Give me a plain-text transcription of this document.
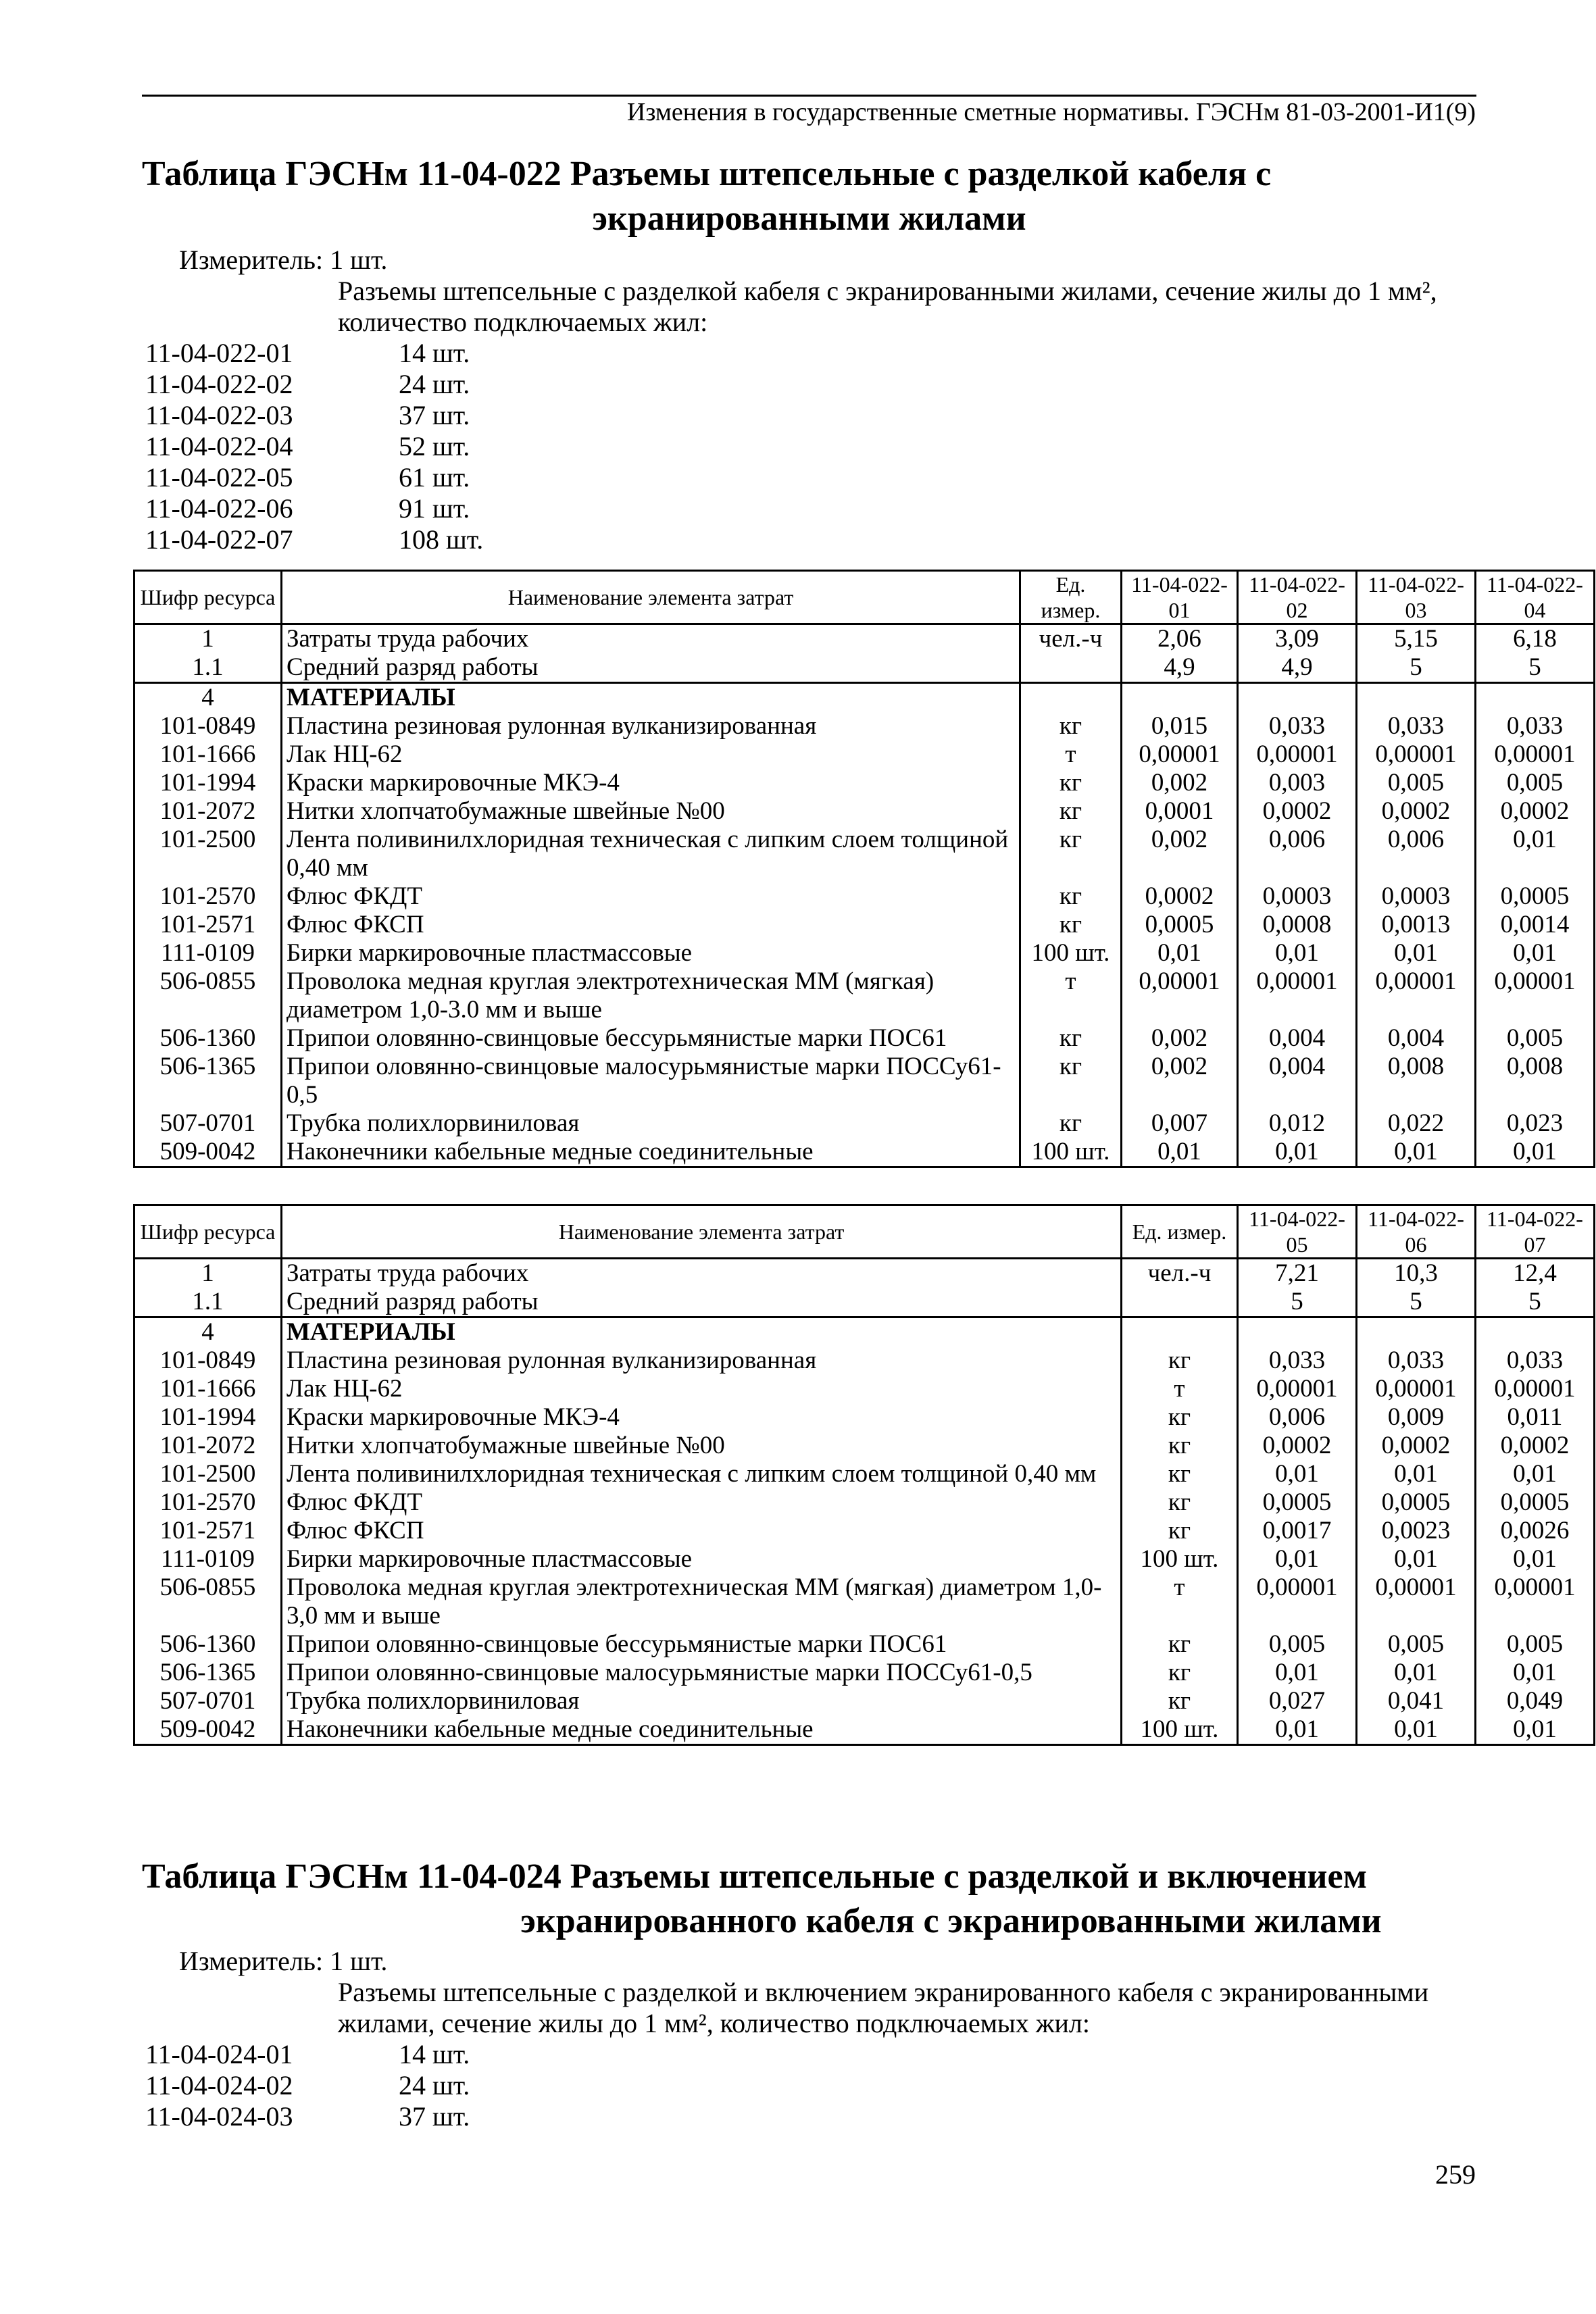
Изменения в государственные сметные нормативы. ГЭСНм 81-03-2001-И1(9)
Таблица ГЭСНм 11-04-022 Разъемы штепсельные с разделкой кабеля с
экранированными жилами
Измеритель: 1 шт.
Разъемы штепсельные с разделкой кабеля с экранированными жилами, сечение жилы до 1 мм², количество подключаемых жил:
11-04-022-01	14 шт.
11-04-022-02	24 шт.
11-04-022-03	37 шт.
11-04-022-04	52 шт.
11-04-022-05	61 шт.
11-04-022-06	91 шт.
11-04-022-07	108 шт.
Шифр ресурса	Наименование элемента затрат	Ед. измер.	11-04-022-01	11-04-022-02	11-04-022-03	11-04-022-04
1	Затраты труда рабочих	чел.-ч	2,06	3,09	5,15	6,18
1.1	Средний разряд работы		4,9	4,9	5	5
4	МАТЕРИАЛЫ					
101-0849	Пластина резиновая рулонная вулканизированная	кг	0,015	0,033	0,033	0,033
101-1666	Лак НЦ-62	т	0,00001	0,00001	0,00001	0,00001
101-1994	Краски маркировочные МКЭ-4	кг	0,002	0,003	0,005	0,005
101-2072	Нитки хлопчатобумажные швейные №00	кг	0,0001	0,0002	0,0002	0,0002
101-2500	Лента поливинилхлоридная техническая с липким слоем толщиной 0,40 мм	кг	0,002	0,006	0,006	0,01
101-2570	Флюс ФКДТ	кг	0,0002	0,0003	0,0003	0,0005
101-2571	Флюс ФКСП	кг	0,0005	0,0008	0,0013	0,0014
111-0109	Бирки маркировочные пластмассовые	100 шт.	0,01	0,01	0,01	0,01
506-0855	Проволока медная круглая электротехническая ММ (мягкая) диаметром 1,0-3.0 мм и выше	т	0,00001	0,00001	0,00001	0,00001
506-1360	Припои оловянно-свинцовые бессурьмянистые марки ПОС61	кг	0,002	0,004	0,004	0,005
506-1365	Припои оловянно-свинцовые малосурьмянистые марки ПОССу61-0,5	кг	0,002	0,004	0,008	0,008
507-0701	Трубка полихлорвиниловая	кг	0,007	0,012	0,022	0,023
509-0042	Наконечники кабельные медные соединительные	100 шт.	0,01	0,01	0,01	0,01
Шифр ресурса	Наименование элемента затрат	Ед. измер.	11-04-022-05	11-04-022-06	11-04-022-07
1	Затраты труда рабочих	чел.-ч	7,21	10,3	12,4
1.1	Средний разряд работы		5	5	5
4	МАТЕРИАЛЫ				
101-0849	Пластина резиновая рулонная вулканизированная	кг	0,033	0,033	0,033
101-1666	Лак НЦ-62	т	0,00001	0,00001	0,00001
101-1994	Краски маркировочные МКЭ-4	кг	0,006	0,009	0,011
101-2072	Нитки хлопчатобумажные швейные №00	кг	0,0002	0,0002	0,0002
101-2500	Лента поливинилхлоридная техническая с липким слоем толщиной 0,40 мм	кг	0,01	0,01	0,01
101-2570	Флюс ФКДТ	кг	0,0005	0,0005	0,0005
101-2571	Флюс ФКСП	кг	0,0017	0,0023	0,0026
111-0109	Бирки маркировочные пластмассовые	100 шт.	0,01	0,01	0,01
506-0855	Проволока медная круглая электротехническая ММ (мягкая) диаметром 1,0-3,0 мм и выше	т	0,00001	0,00001	0,00001
506-1360	Припои оловянно-свинцовые бессурьмянистые марки ПОС61	кг	0,005	0,005	0,005
506-1365	Припои оловянно-свинцовые малосурьмянистые марки ПОССу61-0,5	кг	0,01	0,01	0,01
507-0701	Трубка полихлорвиниловая	кг	0,027	0,041	0,049
509-0042	Наконечники кабельные медные соединительные	100 шт.	0,01	0,01	0,01
Таблица ГЭСНм 11-04-024 Разъемы штепсельные с разделкой и включением
экранированного кабеля с экранированными жилами
Измеритель: 1 шт.
Разъемы штепсельные с разделкой и включением экранированного кабеля с экранированными жилами, сечение жилы до 1 мм², количество подключаемых жил:
11-04-024-01	14 шт.
11-04-024-02	24 шт.
11-04-024-03	37 шт.
259
